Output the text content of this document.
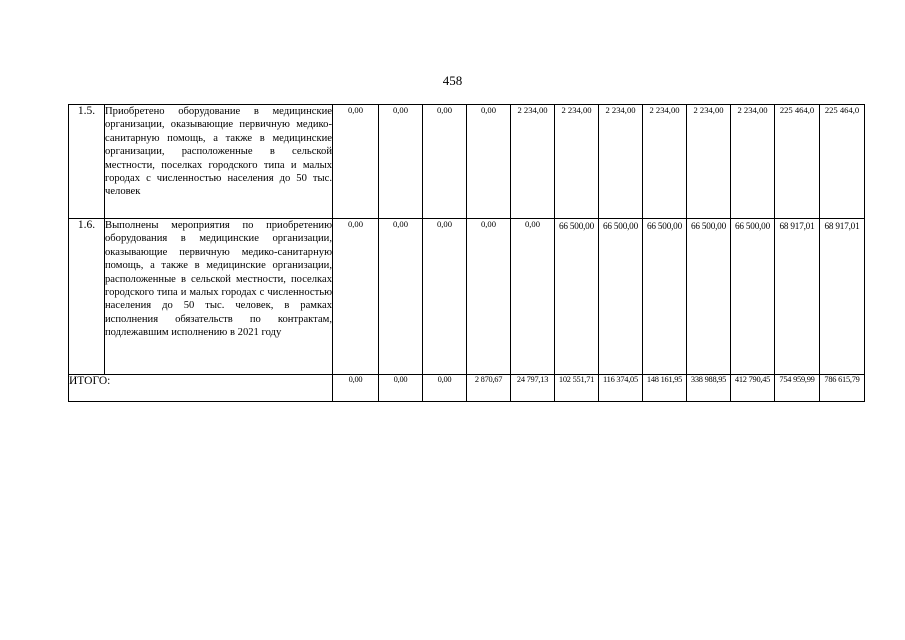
458
1.5.	Приобретено оборудование в медицинские организации, оказывающие первичную медико-санитарную помощь, а также в медицинские организации, расположенные в сельской местности, поселках городского типа и малых городах с численностью населения до 50 тыс. человек	0,00	0,00	0,00	0,00	2 234,00	2 234,00	2 234,00	2 234,00	2 234,00	2 234,00	225 464,0	225 464,0
1.6.	Выполнены мероприятия по приобретению оборудования в медицинские организации, оказывающие первичную медико-санитарную помощь, а также в медицинские организации, расположенные в сельской местности, поселках городского типа и малых городах с численностью населения до 50 тыс. человек, в рамках исполнения обязательств по контрактам, подлежавшим исполнению в 2021 году	0,00	0,00	0,00	0,00	0,00	66 500,00	66 500,00	66 500,00	66 500,00	66 500,00	68 917,01	68 917,01
ИТОГО:		0,00	0,00	0,00	2 870,67	24 797,13	102 551,71	116 374,05	148 161,95	338 988,95	412 790,45	754 959,99	786 615,79
